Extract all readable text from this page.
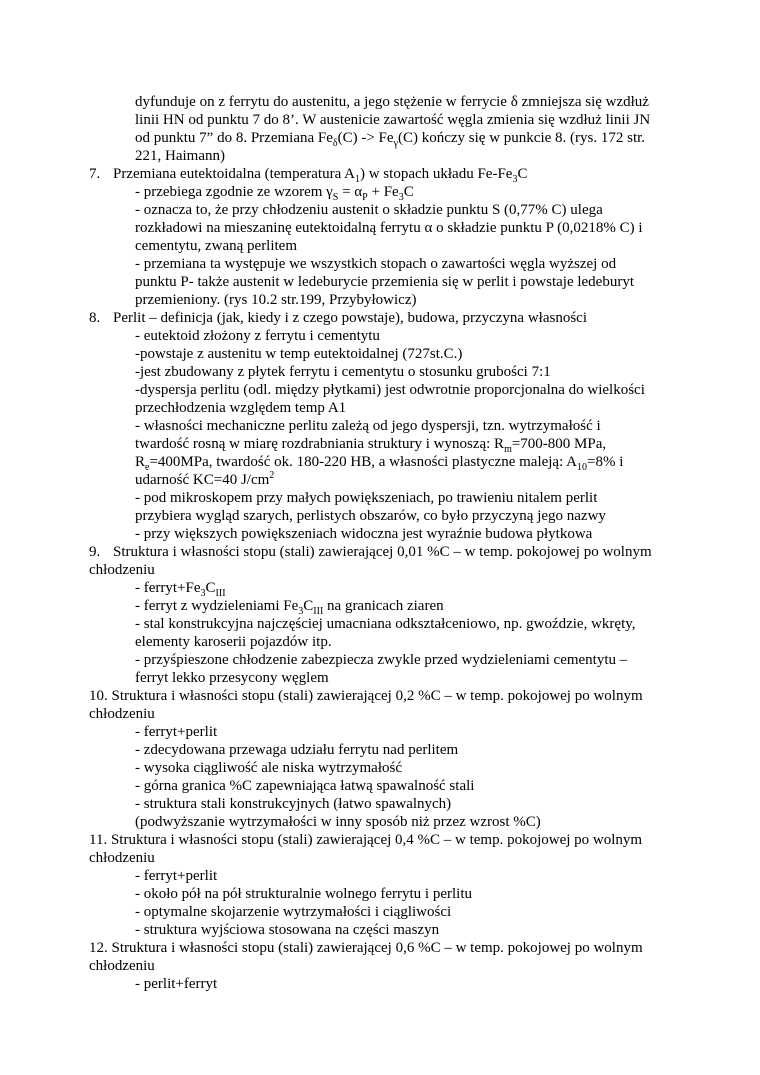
dyfunduje on z ferrytu do austenitu, a jego stężenie w ferrycie δ zmniejsza się wzdłuż
linii HN od punktu 7 do 8’. W austenicie zawartość węgla zmienia się wzdłuż linii JN
od punktu 7” do 8. Przemiana $Fe_\delta(C) -> Fe_\gamma(C)$ kończy się w punkcie 8. (rys. 172 str.
221, Haimann)
7. Przemiana eutektoidalna (temperatura $A_1$) w stopach układu $Fe-Fe_3C$
- przebiega zgodnie ze wzorem $\gamma_S = \alpha_P + Fe_3C$
- oznacza to, że przy chłodzeniu austenit o składzie punktu S (0,77% C) ulega
rozkładowi na mieszaninę eutektoidalną ferrytu α o składzie punktu P (0,0218% C) i
cementytu, zwaną perlitem
- przemiana ta występuje we wszystkich stopach o zawartości węgla wyższej od
punktu P- także austenit w ledeburycie przemienia się w perlit i powstaje ledeburyt
przemieniony. (rys 10.2 str.199, Przybyłowicz)
8. Perlit – definicja (jak, kiedy i z czego powstaje), budowa, przyczyna własności
- eutektoid złożony z ferrytu i cementytu
-powstaje z austenitu w temp eutektoidalnej (727st.C.)
-jest zbudowany z płytek ferrytu i cementytu o stosunku grubości 7:1
-dyspersja perlitu (odl. między płytkami) jest odwrotnie proporcjonalna do wielkości
przechłodzenia względem temp A1
- własności mechaniczne perlitu zależą od jego dyspersji, tzn. wytrzymałość i
twardość rosną w miarę rozdrabniania struktury i wynoszą: $R_m=700-800$ MPa,
$R_e=400MPa$, twardość ok. 180-220 HB, a własności plastyczne maleją: $A_{10}=8\%$ i
udarność KC=40 $J/cm^2$
- pod mikroskopem przy małych powiększeniach, po trawieniu nitalem perlit
przybiera wygląd szarych, perlistych obszarów, co było przyczyną jego nazwy
- przy większych powiększeniach widoczna jest wyraźnie budowa płytkowa
9. Struktura i własności stopu (stali) zawierającej 0,01 %C – w temp. pokojowej po wolnym
chłodzeniu
- $ferryt+Fe_3C_{III}$
- ferryt z wydzieleniami $Fe_3C_{III}$ na granicach ziaren
- stal konstrukcyjna najczęściej umacniana odkształceniowo, np. gwoździe, wkręty,
elementy karoserii pojazdów itp.
- przyśpieszone chłodzenie zabezpiecza zwykle przed wydzieleniami cementytu –
ferryt lekko przesycony węglem
10. Struktura i własności stopu (stali) zawierającej 0,2 %C – w temp. pokojowej po wolnym
chłodzeniu
- ferryt+perlit
- zdecydowana przewaga udziału ferrytu nad perlitem
- wysoka ciągliwość ale niska wytrzymałość
- górna granica %C zapewniająca łatwą spawalność stali
- struktura stali konstrukcyjnych (łatwo spawalnych)
(podwyższanie wytrzymałości w inny sposób niż przez wzrost %C)
11. Struktura i własności stopu (stali) zawierającej 0,4 %C – w temp. pokojowej po wolnym
chłodzeniu
- ferryt+perlit
- około pół na pół strukturalnie wolnego ferrytu i perlitu
- optymalne skojarzenie wytrzymałości i ciągliwości
- struktura wyjściowa stosowana na części maszyn
12. Struktura i własności stopu (stali) zawierającej 0,6 %C – w temp. pokojowej po wolnym
chłodzeniu
- perlit+ferryt
